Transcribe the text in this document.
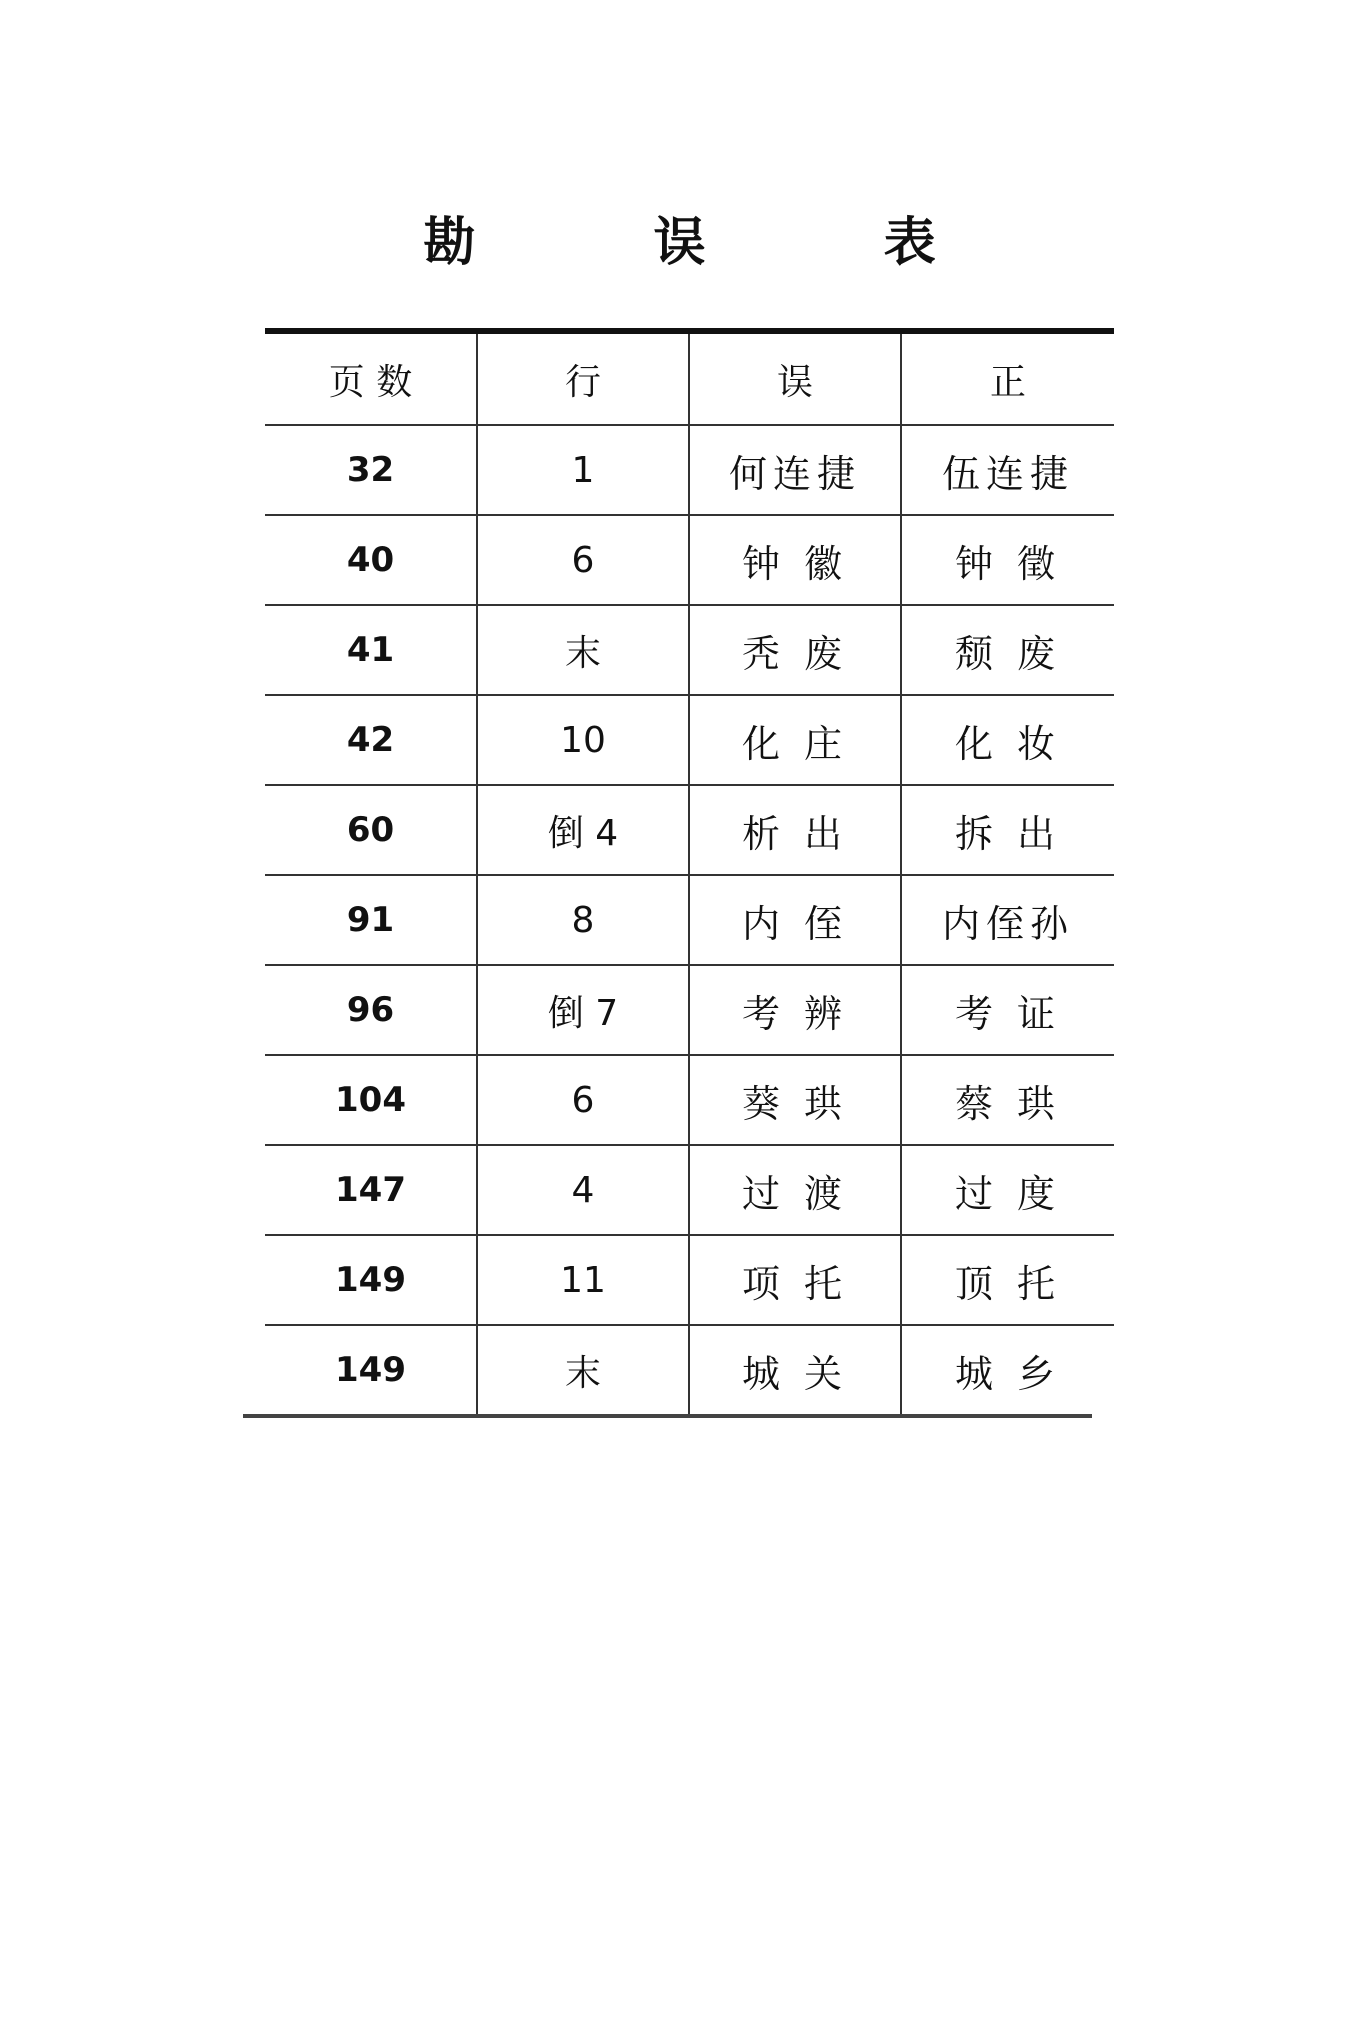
勘 误 表
页 数	行	误	正
32	1	何连捷	伍连捷
40	6	钟 徽	钟 徵
41	末	秃 废	颓 废
42	10	化 庄	化 妆
60	倒 4	析 出	拆 出
91	8	内 侄	内侄孙
96	倒 7	考 辨	考 证
104	6	葵 珙	蔡 珙
147	4	过 渡	过 度
149	11	项 托	顶 托
149	末	城 关	城 乡
